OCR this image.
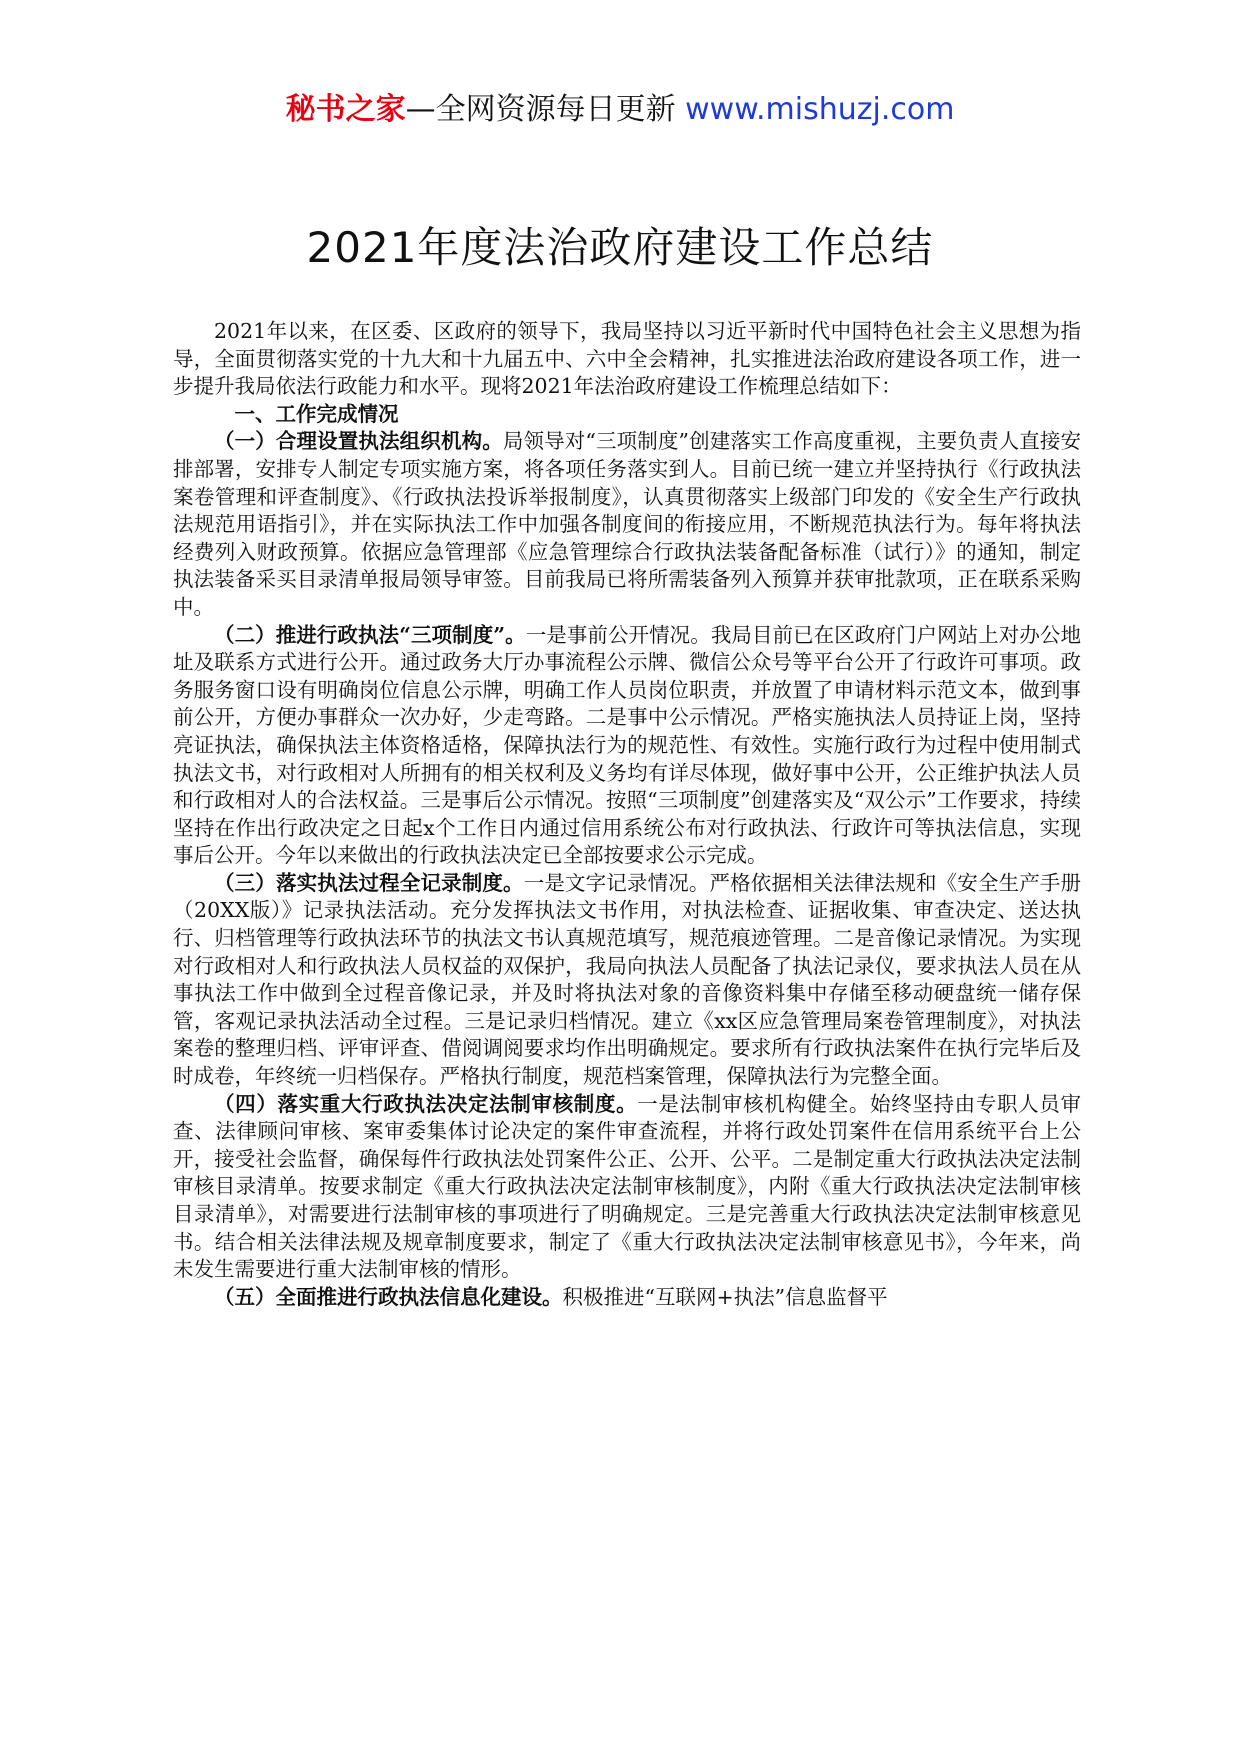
秘书之家—全网资源每日更新 www.mishuzj.com
2021年度法治政府建设工作总结

2021年以来，在区委、区政府的领导下，我局坚持以习近平新时代中国特色社会主义思想为指导，全面贯彻落实党的十九大和十九届五中、六中全会精神，扎实推进法治政府建设各项工作，进一步提升我局依法行政能力和水平。现将2021年法治政府建设工作梳理总结如下：

一、工作完成情况

（一）合理设置执法组织机构。局领导对“三项制度”创建落实工作高度重视，主要负责人直接安排部署，安排专人制定专项实施方案，将各项任务落实到人。目前已统一建立并坚持执行《行政执法案卷管理和评查制度》、《行政执法投诉举报制度》，认真贯彻落实上级部门印发的《安全生产行政执法规范用语指引》，并在实际执法工作中加强各制度间的衔接应用，不断规范执法行为。每年将执法经费列入财政预算。依据应急管理部《应急管理综合行政执法装备配备标准（试行）》的通知，制定执法装备采买目录清单报局领导审签。目前我局已将所需装备列入预算并获审批款项，正在联系采购中。

（二）推进行政执法“三项制度”。一是事前公开情况。我局目前已在区政府门户网站上对办公地址及联系方式进行公开。通过政务大厅办事流程公示牌、微信公众号等平台公开了行政许可事项。政务服务窗口设有明确岗位信息公示牌，明确工作人员岗位职责，并放置了申请材料示范文本，做到事前公开，方便办事群众一次办好，少走弯路。二是事中公示情况。严格实施执法人员持证上岗，坚持亮证执法，确保执法主体资格适格，保障执法行为的规范性、有效性。实施行政行为过程中使用制式执法文书，对行政相对人所拥有的相关权利及义务均有详尽体现，做好事中公开，公正维护执法人员和行政相对人的合法权益。三是事后公示情况。按照“三项制度”创建落实及“双公示”工作要求，持续坚持在作出行政决定之日起x个工作日内通过信用系统公布对行政执法、行政许可等执法信息，实现事后公开。今年以来做出的行政执法决定已全部按要求公示完成。

（三）落实执法过程全记录制度。一是文字记录情况。严格依据相关法律法规和《安全生产手册（20XX版）》记录执法活动。充分发挥执法文书作用，对执法检查、证据收集、审查决定、送达执行、归档管理等行政执法环节的执法文书认真规范填写，规范痕迹管理。二是音像记录情况。为实现对行政相对人和行政执法人员权益的双保护，我局向执法人员配备了执法记录仪，要求执法人员在从事执法工作中做到全过程音像记录，并及时将执法对象的音像资料集中存储至移动硬盘统一储存保管，客观记录执法活动全过程。三是记录归档情况。建立《xx区应急管理局案卷管理制度》，对执法案卷的整理归档、评审评查、借阅调阅要求均作出明确规定。要求所有行政执法案件在执行完毕后及时成卷，年终统一归档保存。严格执行制度，规范档案管理，保障执法行为完整全面。

（四）落实重大行政执法决定法制审核制度。一是法制审核机构健全。始终坚持由专职人员审查、法律顾问审核、案审委集体讨论决定的案件审查流程，并将行政处罚案件在信用系统平台上公开，接受社会监督，确保每件行政执法处罚案件公正、公开、公平。二是制定重大行政执法决定法制审核目录清单。按要求制定《重大行政执法决定法制审核制度》，内附《重大行政执法决定法制审核目录清单》，对需要进行法制审核的事项进行了明确规定。三是完善重大行政执法决定法制审核意见书。结合相关法律法规及规章制度要求，制定了《重大行政执法决定法制审核意见书》，今年来，尚未发生需要进行重大法制审核的情形。

（五）全面推进行政执法信息化建设。积极推进“互联网+执法”信息监督平
